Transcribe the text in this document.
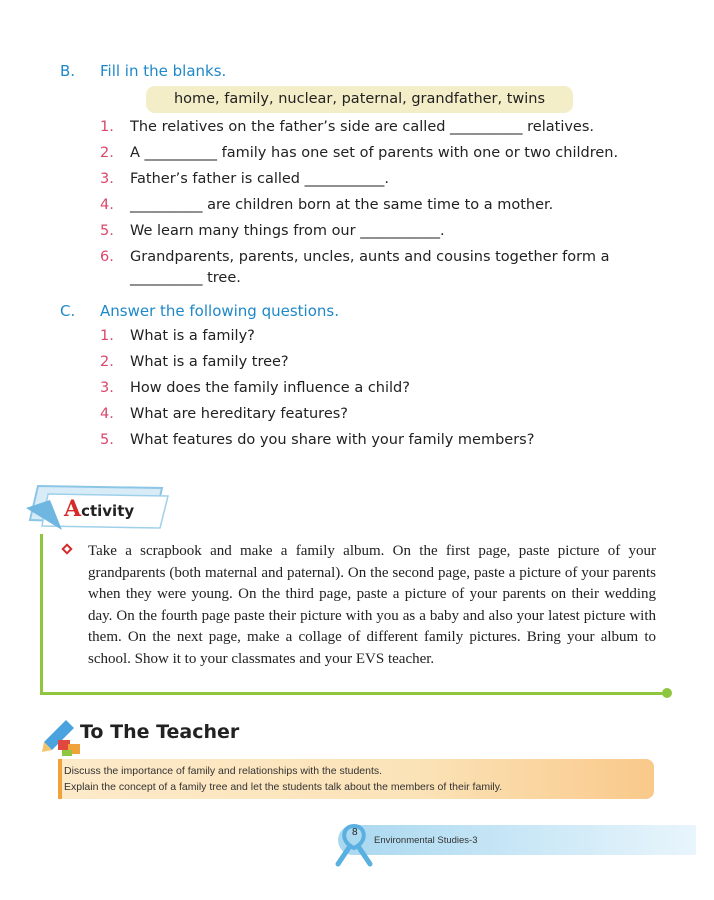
B. Fill in the blanks.
home, family, nuclear, paternal, grandfather, twins
1. The relatives on the father’s side are called __________ relatives.
2. A __________ family has one set of parents with one or two children.
3. Father’s father is called ___________.
4. __________ are children born at the same time to a mother.
5. We learn many things from our ___________.
6. Grandparents, parents, uncles, aunts and cousins together form a
__________ tree.
C. Answer the following questions.
1. What is a family?
2. What is a family tree?
3. How does the family influence a child?
4. What are hereditary features?
5. What features do you share with your family members?
Activity
Take a scrapbook and make a family album. On the first page, paste picture of your grandparents (both maternal and paternal). On the second page, paste a picture of your parents when they were young. On the third page, paste a picture of your parents on their wedding day. On the fourth page paste their picture with you as a baby and also your latest picture with them. On the next page, make a collage of different family pictures. Bring your album to school. Show it to your classmates and your EVS teacher.
To The Teacher
Discuss the importance of family and relationships with the students.
Explain the concept of a family tree and let the students talk about the members of their family.
8
Environmental Studies-3
